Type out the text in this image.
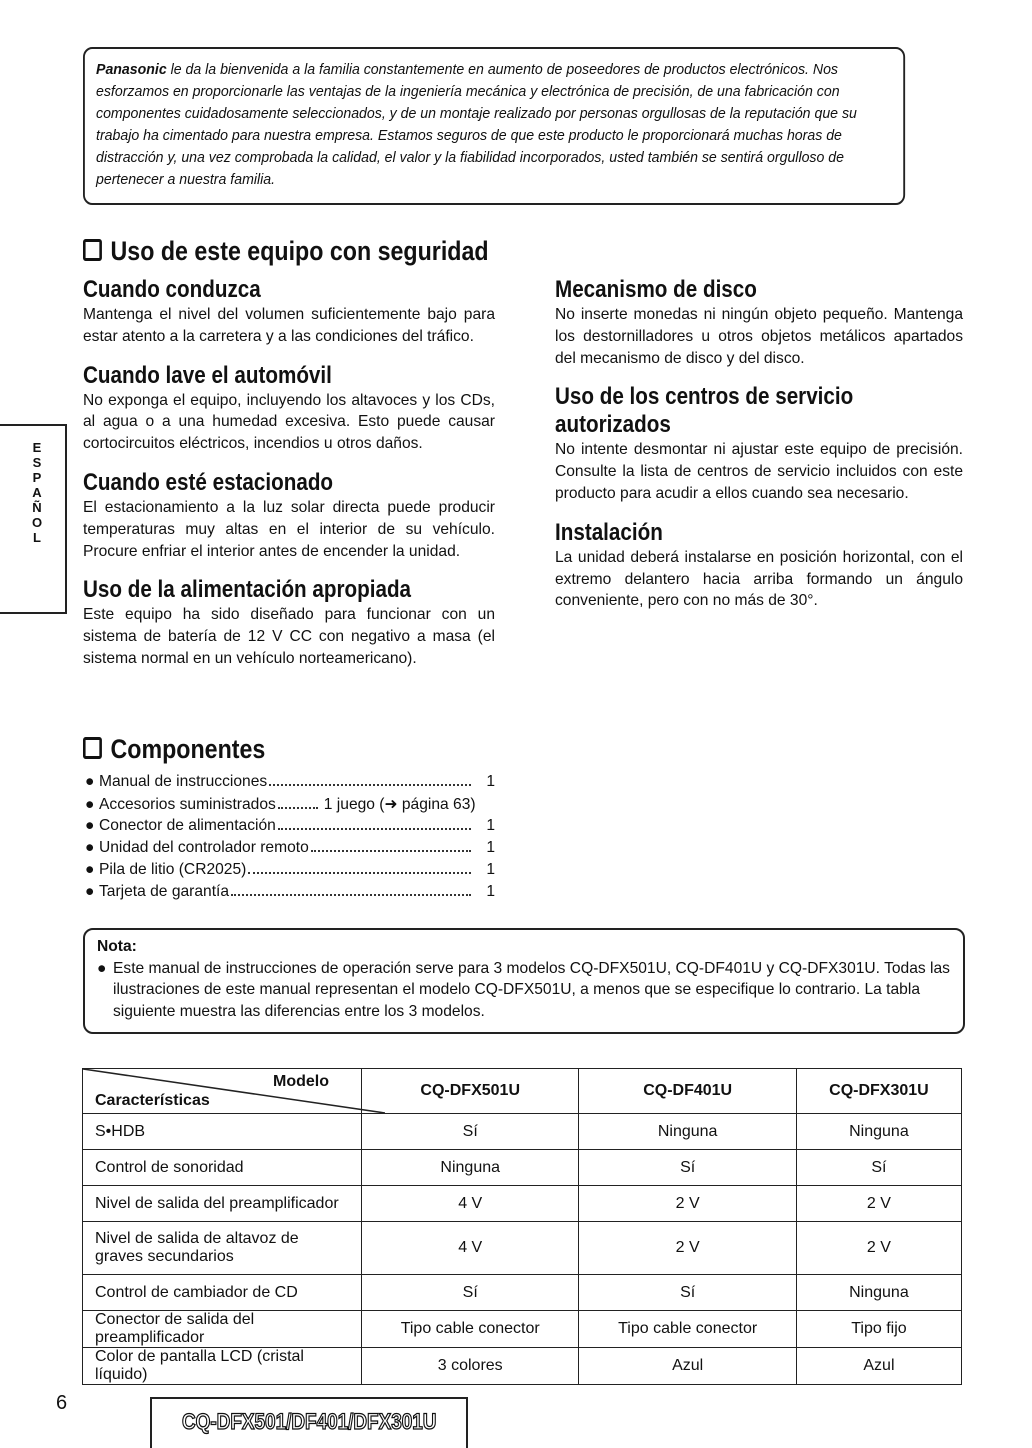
Panasonic le da la bienvenida a la familia constantemente en aumento de poseedores de productos electrónicos. Nos esforzamos en proporcionarle las ventajas de la ingeniería mecánica y electrónica de precisión, de una fabricación con componentes cuidadosamente seleccionados, y de un montaje realizado por personas orgullosas de la reputación que su trabajo ha cimentado para nuestra empresa. Estamos seguros de que este producto le proporcionará muchas horas de distracción y, una vez comprobada la calidad, el valor y la fiabilidad incorporados, usted también se sentirá orgulloso de pertenecer a nuestra familia.
Uso de este equipo con seguridad
Cuando conduzca

Mantenga el nivel del volumen suficientemente bajo para estar atento a la carretera y a las condiciones del tráfico.

Cuando lave el automóvil

No exponga el equipo, incluyendo los altavoces y los CDs, al agua o a una humedad excesiva. Esto puede causar cortocircuitos eléctricos, incendios u otros daños.

Cuando esté estacionado

El estacionamiento a la luz solar directa puede producir temperaturas muy altas en el interior de su vehículo. Procure enfriar el interior antes de encender la unidad.

Uso de la alimentación apropiada

Este equipo ha sido diseñado para funcionar con un sistema de batería de 12 V CC con negativo a masa (el sistema normal en un vehículo norteamericano).

Mecanismo de disco

No inserte monedas ni ningún objeto pequeño. Mantenga los destornilladores u otros objetos metálicos apartados del mecanismo de disco y del disco.

Uso de los centros de servicio autorizados

No intente desmontar ni ajustar este equipo de precisión. Consulte la lista de centros de servicio incluidos con este producto para acudir a ellos cuando sea necesario.

Instalación

La unidad deberá instalarse en posición horizontal, con el extremo delantero hacia arriba formando un ángulo conveniente, pero con no más de 30°.

ESPAÑOL
Componentes
● Manual de instrucciones	1
● Accesorios suministrados	1 juego (➜ página 63)
● Conector de alimentación	1
● Unidad del controlador remoto	1
● Pila de litio (CR2025)	1
● Tarjeta de garantía	1
Nota:
● Este manual de instrucciones de operación serve para 3 modelos CQ-DFX501U, CQ-DF401U y CQ-DFX301U. Todas las ilustraciones de este manual representan el modelo CQ-DFX501U, a menos que se especifique lo contrario. La tabla siguiente muestra las diferencias entre los 3 modelos.
Modelo
Características	CQ-DFX501U	CQ-DF401U	CQ-DFX301U
S•HDB	Sí	Ninguna	Ninguna
Control de sonoridad	Ninguna	Sí	Sí
Nivel de salida del preamplificador	4 V	2 V	2 V
Nivel de salida de altavoz de graves secundarios	4 V	2 V	2 V
Control de cambiador de CD	Sí	Sí	Ninguna
Conector de salida del preamplificador	Tipo cable conector	Tipo cable conector	Tipo fijo
Color de pantalla LCD (cristal líquido)	3 colores	Azul	Azul
6
CQ-DFX501/DF401/DFX301U
